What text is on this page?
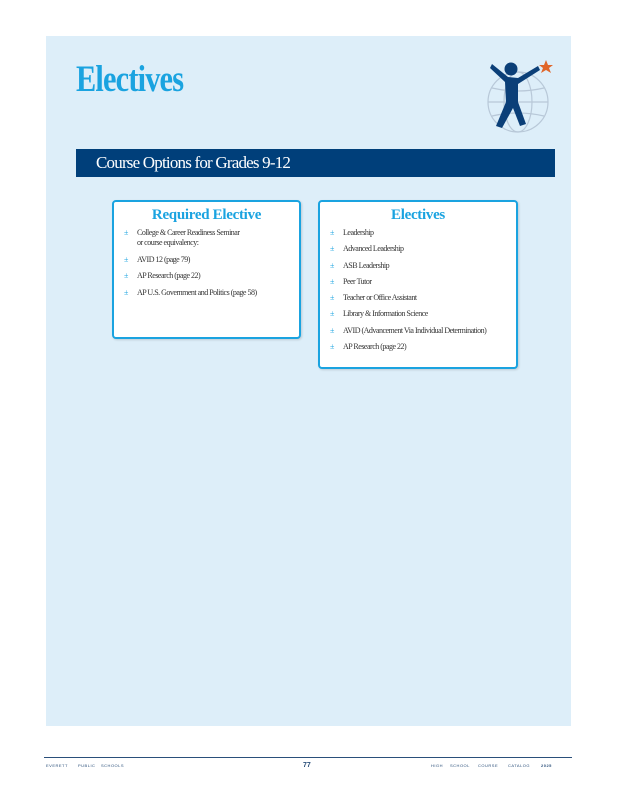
Electives
Course Options for Grades 9-12
Required Elective
± College & Career Readiness Seminar
or course equivalency:
± AVID 12 (page 79)
± AP Research (page 22)
± AP U.S. Government and Politics (page 58)
Electives
± Leadership
± Advanced Leadership
± ASB Leadership
± Peer Tutor
± Teacher or Office Assistant
± Library & Information Science
± AVID (Advancement Via Individual Determination)
± AP Research (page 22)
EVERETT	PUBLIC SCHOOLS	77	HIGH SCHOOL COURSE CATALOG	2025
